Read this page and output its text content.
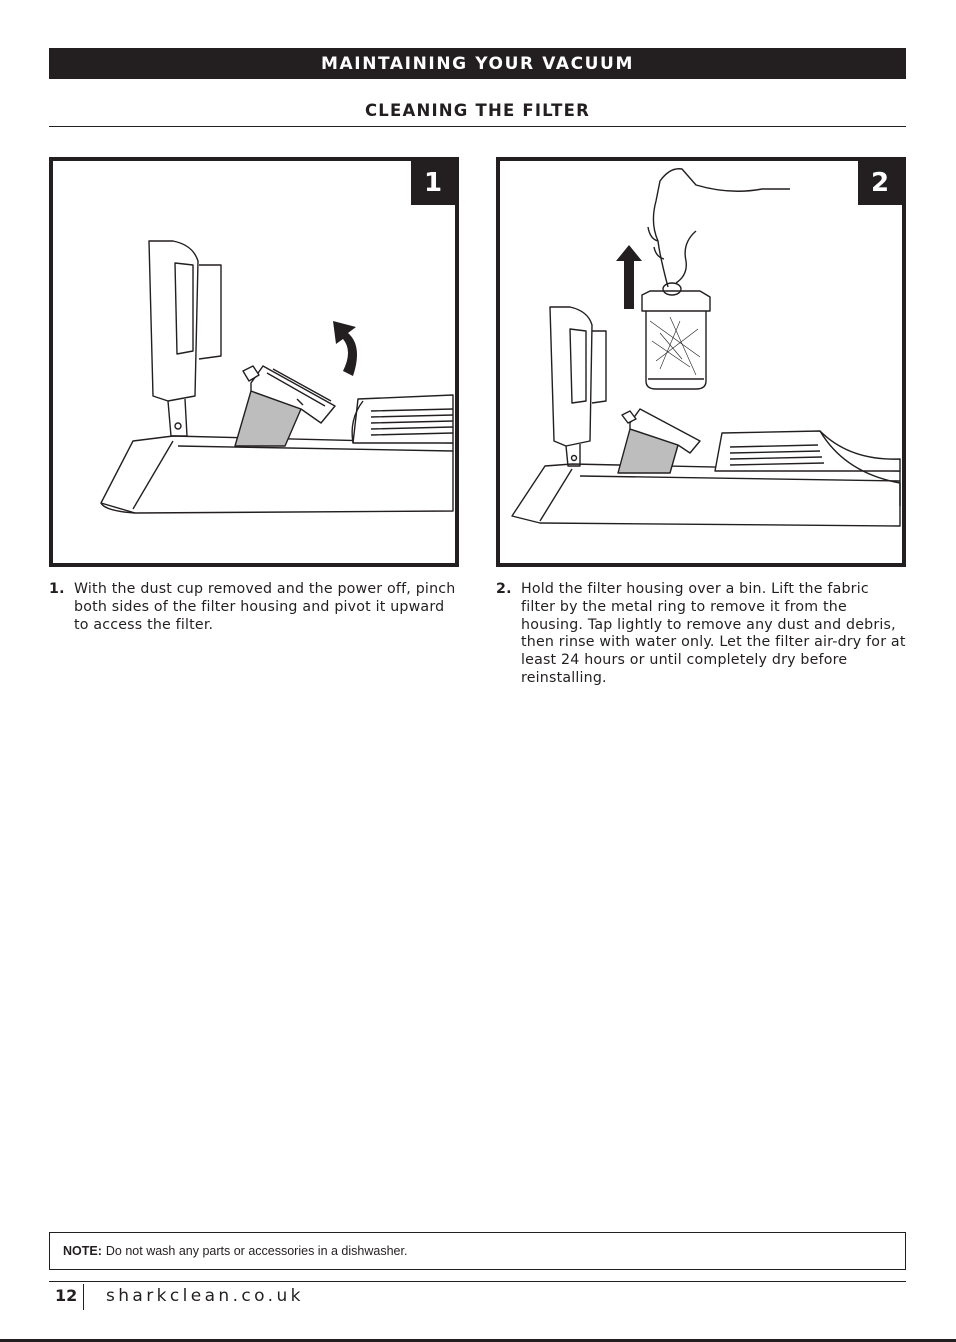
MAINTAINING YOUR VACUUM
CLEANING THE FILTER
1	2
1. With the dust cup removed and the power off, pinch both sides of the filter housing and pivot it upward to access the filter.
2. Hold the filter housing over a bin. Lift the fabric filter by the metal ring to remove it from the housing. Tap lightly to remove any dust and debris, then rinse with water only. Let the filter air-dry for at least 24 hours or until completely dry before reinstalling.
NOTE: Do not wash any parts or accessories in a dishwasher.
12 sharkclean.co.uk
